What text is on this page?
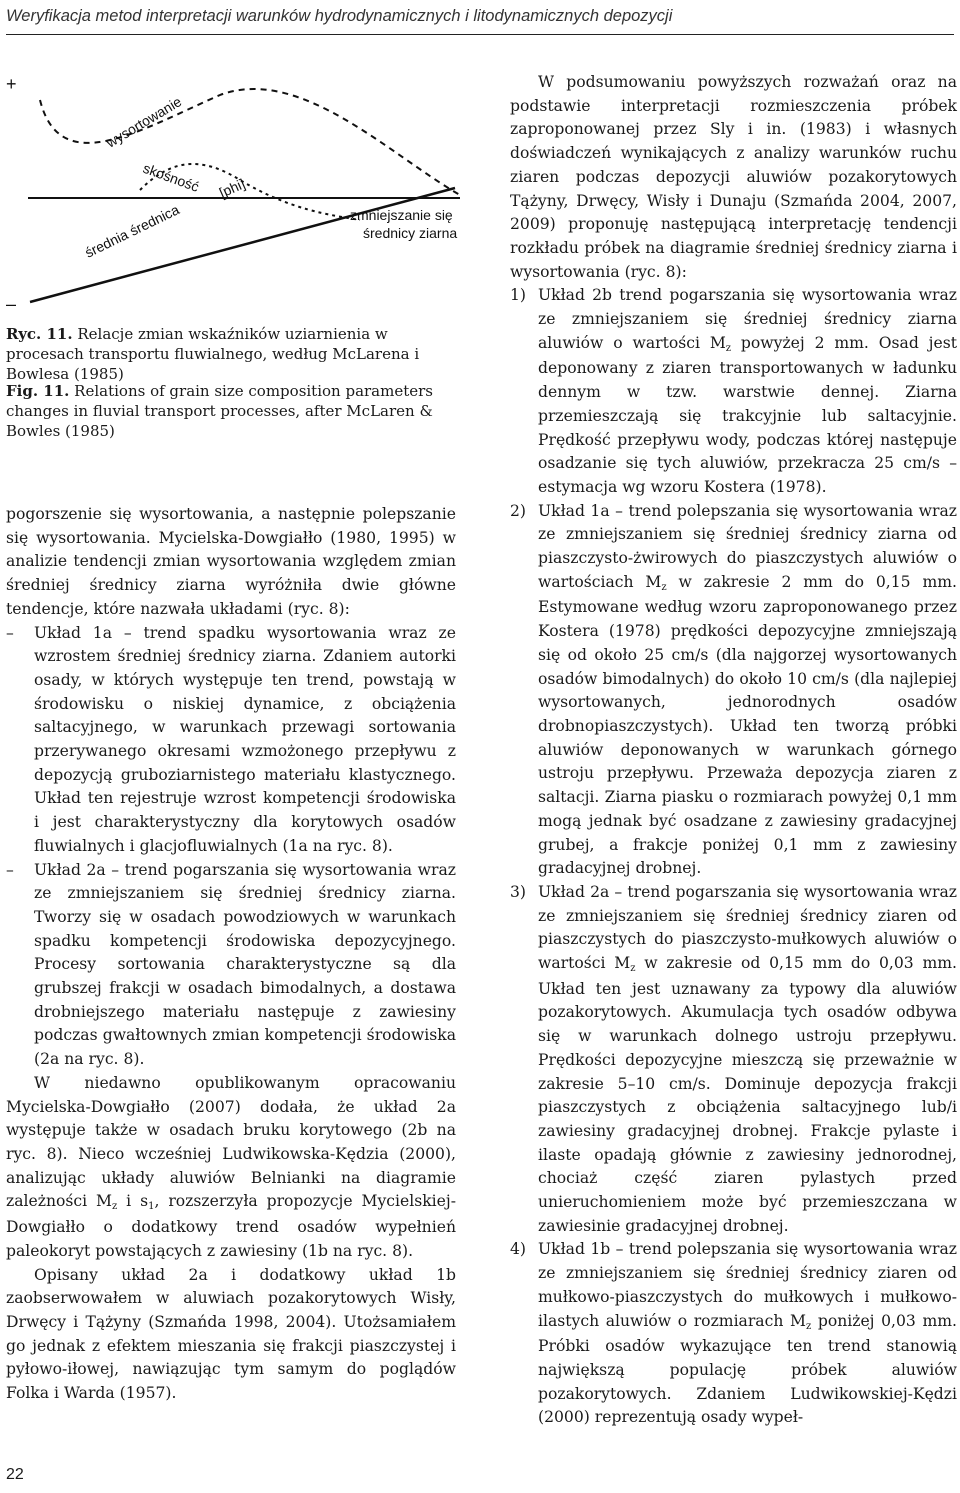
Weryfikacja metod interpretacji warunków hydrodynamicznych i litodynamicznych depozycji
+
–
wysortowanie
skośność [phi]
średnia średnica	zmniejszanie się
średnicy ziarna
Ryc. 11. Relacje zmian wskaźników uziarnienia w procesach transportu fluwialnego, według McLarena i Bowlesa (1985)
Fig. 11. Relations of grain size composition parameters changes in fluvial transport processes, after McLaren & Bowles (1985)

pogorszenie się wysortowania, a następnie polepszanie się wysortowania. Mycielska-Dowgiałło (1980, 1995) w analizie tendencji zmian wysortowania względem zmian średniej średnicy ziarna wyróżniła dwie główne tendencje, które nazwała układami (ryc. 8):

– Układ 1a – trend spadku wysortowania wraz ze wzrostem średniej średnicy ziarna. Zdaniem autorki osady, w których występuje ten trend, powstają w środowisku o niskiej dynamice, z obciążenia saltacyjnego, w warunkach przewagi sortowania przerywanego okresami wzmożonego przepływu z depozycją gruboziarnistego materiału klastycznego. Układ ten rejestruje wzrost kompetencji środowiska i jest charakterystyczny dla korytowych osadów fluwialnych i glacjofluwialnych (1a na ryc. 8).
– Układ 2a – trend pogarszania się wysortowania wraz ze zmniejszaniem się średniej średnicy ziarna. Tworzy się w osadach powodziowych w warunkach spadku kompetencji środowiska depozycyjnego. Procesy sortowania charakterystyczne są dla grubszej frakcji w osadach bimodalnych, a dostawa drobniejszego materiału następuje z zawiesiny podczas gwałtownych zmian kompetencji środowiska (2a na ryc. 8).

W niedawno opublikowanym opracowaniu Mycielska-Dowgiałło (2007) dodała, że układ 2a występuje także w osadach bruku korytowego (2b na ryc. 8). Nieco wcześniej Ludwikowska-Kędzia (2000), analizując układy aluwiów Belnianki na diagramie zależności Mz i s1, rozszerzyła propozycje Mycielskiej-Dowgiałło o dodatkowy trend osadów wypełnień paleokoryt powstających z zawiesiny (1b na ryc. 8).

Opisany układ 2a i dodatkowy układ 1b zaobserwowałem w aluwiach pozakorytowych Wisły, Drwęcy i Tążyny (Szmańda 1998, 2004). Utożsamiałem go jednak z efektem mieszania się frakcji piaszczystej i pyłowo-iłowej, nawiązując tym samym do poglądów Folka i Warda (1957).

W podsumowaniu powyższych rozważań oraz na podstawie interpretacji rozmieszczenia próbek zaproponowanej przez Sly i in. (1983) i własnych doświadczeń wynikających z analizy warunków ruchu ziaren podczas depozycji aluwiów pozakorytowych Tążyny, Drwęcy, Wisły i Dunaju (Szmańda 2004, 2007, 2009) proponuję następującą interpretację tendencji rozkładu próbek na diagramie średniej średnicy ziarna i wysortowania (ryc. 8):

1) Układ 2b trend pogarszania się wysortowania wraz ze zmniejszaniem się średniej średnicy ziarna aluwiów o wartości Mz powyżej 2 mm. Osad jest deponowany z ziaren transportowanych w ładunku dennym w tzw. warstwie dennej. Ziarna przemieszczają się trakcyjnie lub saltacyjnie. Prędkość przepływu wody, podczas której następuje osadzanie się tych aluwiów, przekracza 25 cm/s – estymacja wg wzoru Kostera (1978).
2) Układ 1a – trend polepszania się wysortowania wraz ze zmniejszaniem się średniej średnicy ziarna od piaszczysto-żwirowych do piaszczystych aluwiów o wartościach Mz w zakresie 2 mm do 0,15 mm. Estymowane według wzoru zaproponowanego przez Kostera (1978) prędkości depozycyjne zmniejszają się od około 25 cm/s (dla najgorzej wysortowanych osadów bimodalnych) do około 10 cm/s (dla najlepiej wysortowanych, jednorodnych osadów drobnopiaszczystych). Układ ten tworzą próbki aluwiów deponowanych w warunkach górnego ustroju przepływu. Przeważa depozycja ziaren z saltacji. Ziarna piasku o rozmiarach powyżej 0,1 mm mogą jednak być osadzane z zawiesiny gradacyjnej grubej, a frakcje poniżej 0,1 mm z zawiesiny gradacyjnej drobnej.
3) Układ 2a – trend pogarszania się wysortowania wraz ze zmniejszaniem się średniej średnicy ziaren od piaszczystych do piaszczysto-mułkowych aluwiów o wartości Mz w zakresie od 0,15 mm do 0,03 mm. Układ ten jest uznawany za typowy dla aluwiów pozakorytowych. Akumulacja tych osadów odbywa się w warunkach dolnego ustroju przepływu. Prędkości depozycyjne mieszczą się przeważnie w zakresie 5–10 cm/s. Dominuje depozycja frakcji piaszczystych z obciążenia saltacyjnego lub/i zawiesiny gradacyjnej drobnej. Frakcje pylaste i ilaste opadają głównie z zawiesiny jednorodnej, chociaż część ziaren pylastych przed unieruchomieniem może być przemieszczana w zawiesinie gradacyjnej drobnej.
4) Układ 1b – trend polepszania się wysortowania wraz ze zmniejszaniem się średniej średnicy ziaren od mułkowo-piaszczystych do mułkowych i mułkowo-ilastych aluwiów o rozmiarach Mz poniżej 0,03 mm. Próbki osadów wykazujące ten trend stanowią największą populację próbek aluwiów pozakorytowych. Zdaniem Ludwikowskiej-Kędzi (2000) reprezentują osady wypeł-
22
